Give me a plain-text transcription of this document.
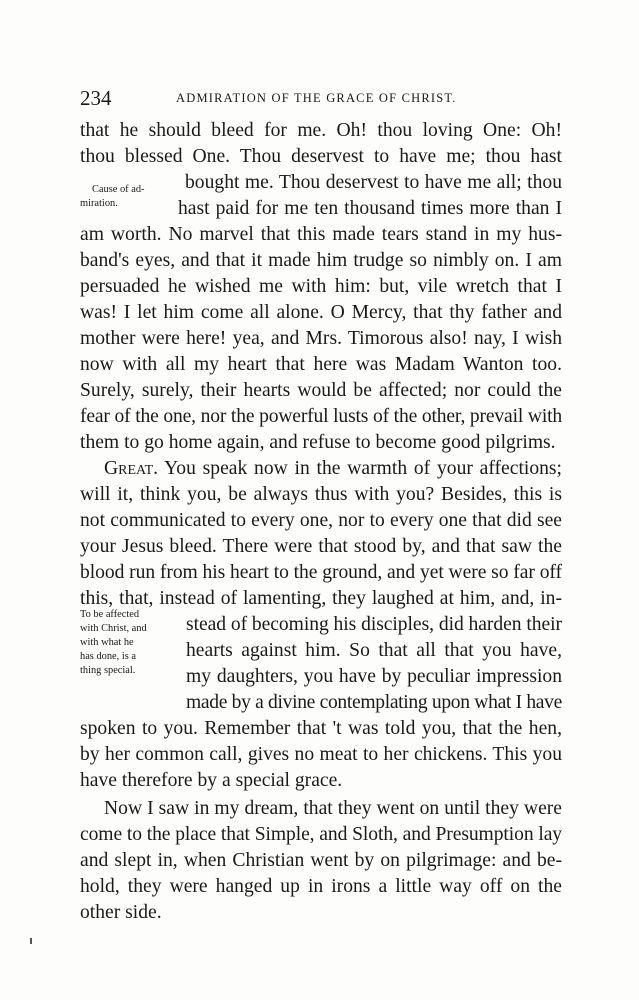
234	ADMIRATION OF THE GRACE OF CHRIST.
that he should bleed for me. Oh! thou loving One: Oh!
thou blessed One. Thou deservest to have me; thou hast
bought me. Thou deservest to have me all; thou
hast paid for me ten thousand times more than I
am worth. No marvel that this made tears stand in my hus-
band's eyes, and that it made him trudge so nimbly on. I am
persuaded he wished me with him: but, vile wretch that I
was! I let him come all alone. O Mercy, that thy father and
mother were here! yea, and Mrs. Timorous also! nay, I wish
now with all my heart that here was Madam Wanton too.
Surely, surely, their hearts would be affected; nor could the
fear of the one, nor the powerful lusts of the other, prevail with
them to go home again, and refuse to become good pilgrims.
Great. You speak now in the warmth of your affections;
will it, think you, be always thus with you? Besides, this is
not communicated to every one, nor to every one that did see
your Jesus bleed. There were that stood by, and that saw the
blood run from his heart to the ground, and yet were so far off
this, that, instead of lamenting, they laughed at him, and, in-
stead of becoming his disciples, did harden their
hearts against him. So that all that you have,
my daughters, you have by peculiar impression
made by a divine contemplating upon what I have
spoken to you. Remember that 't was told you, that the hen,
by her common call, gives no meat to her chickens. This you
have therefore by a special grace.
Now I saw in my dream, that they went on until they were
come to the place that Simple, and Sloth, and Presumption lay
and slept in, when Christian went by on pilgrimage: and be-
hold, they were hanged up in irons a little way off on the
other side.
Cause of ad-
miration.
To be affected
with Christ, and
with what he
has done, is a
thing special.
